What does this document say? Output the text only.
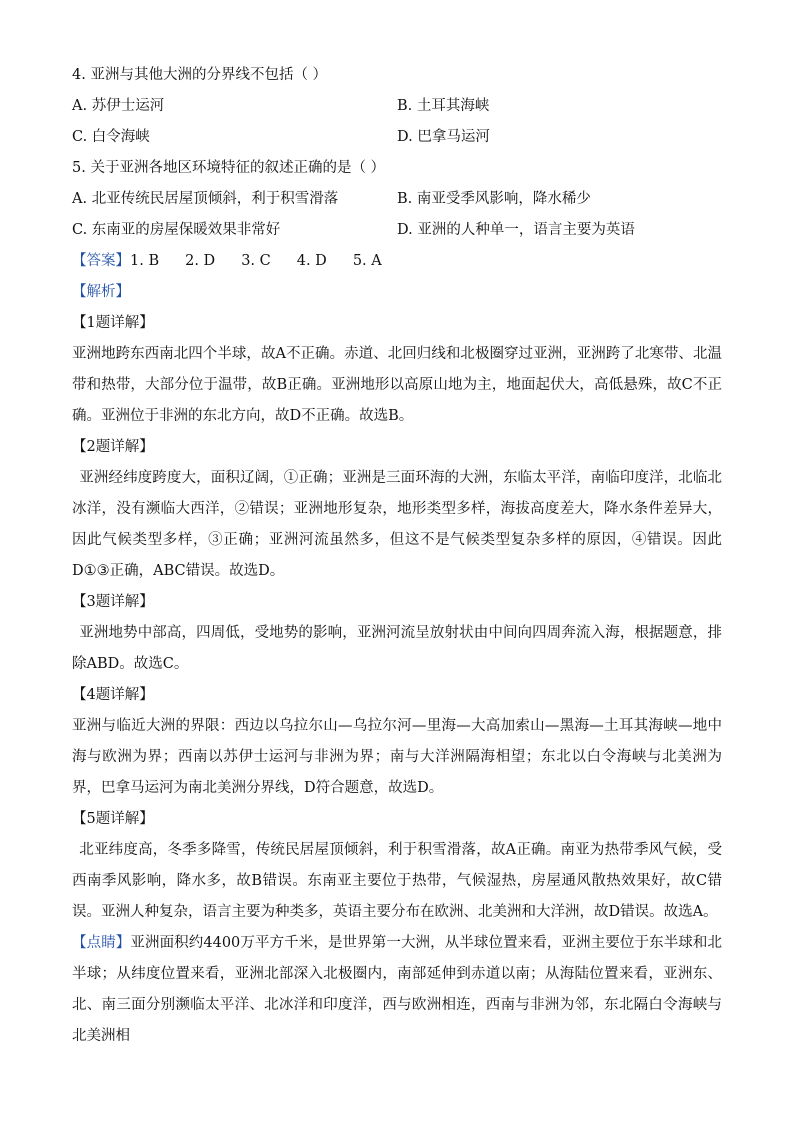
4. 亚洲与其他大洲的分界线不包括（ ）
A. 苏伊士运河	B. 土耳其海峡
C. 白令海峡	D. 巴拿马运河
5. 关于亚洲各地区环境特征的叙述正确的是（ ）
A. 北亚传统民居屋顶倾斜，利于积雪滑落	B. 南亚受季风影响，降水稀少
C. 东南亚的房屋保暖效果非常好	D. 亚洲的人种单一，语言主要为英语
【答案】1. B 2. D 3. C 4. D 5. A
【解析】
【1题详解】
亚洲地跨东西南北四个半球，故A不正确。赤道、北回归线和北极圈穿过亚洲，亚洲跨了北寒带、北温带和热带，大部分位于温带，故B正确。亚洲地形以高原山地为主，地面起伏大，高低悬殊，故C不正确。亚洲位于非洲的东北方向，故D不正确。故选B。
【2题详解】
亚洲经纬度跨度大，面积辽阔，①正确；亚洲是三面环海的大洲，东临太平洋，南临印度洋，北临北冰洋，没有濒临大西洋，②错误；亚洲地形复杂，地形类型多样，海拔高度差大，降水条件差异大，因此气候类型多样，③正确；亚洲河流虽然多，但这不是气候类型复杂多样的原因，④错误。因此D①③正确，ABC错误。故选D。
【3题详解】
亚洲地势中部高，四周低，受地势的影响，亚洲河流呈放射状由中间向四周奔流入海，根据题意，排除ABD。故选C。
【4题详解】
亚洲与临近大洲的界限：西边以乌拉尔山—乌拉尔河—里海—大高加索山—黑海—土耳其海峡—地中海与欧洲为界；西南以苏伊士运河与非洲为界；南与大洋洲隔海相望；东北以白令海峡与北美洲为界，巴拿马运河为南北美洲分界线，D符合题意，故选D。
【5题详解】
北亚纬度高，冬季多降雪，传统民居屋顶倾斜，利于积雪滑落，故A正确。南亚为热带季风气候，受西南季风影响，降水多，故B错误。东南亚主要位于热带，气候湿热，房屋通风散热效果好，故C错误。亚洲人种复杂，语言主要为种类多，英语主要分布在欧洲、北美洲和大洋洲，故D错误。故选A。
【点睛】亚洲面积约4400万平方千米，是世界第一大洲，从半球位置来看，亚洲主要位于东半球和北半球；从纬度位置来看，亚洲北部深入北极圈内，南部延伸到赤道以南；从海陆位置来看，亚洲东、北、南三面分别濒临太平洋、北冰洋和印度洋，西与欧洲相连，西南与非洲为邻，东北隔白令海峡与北美洲相
